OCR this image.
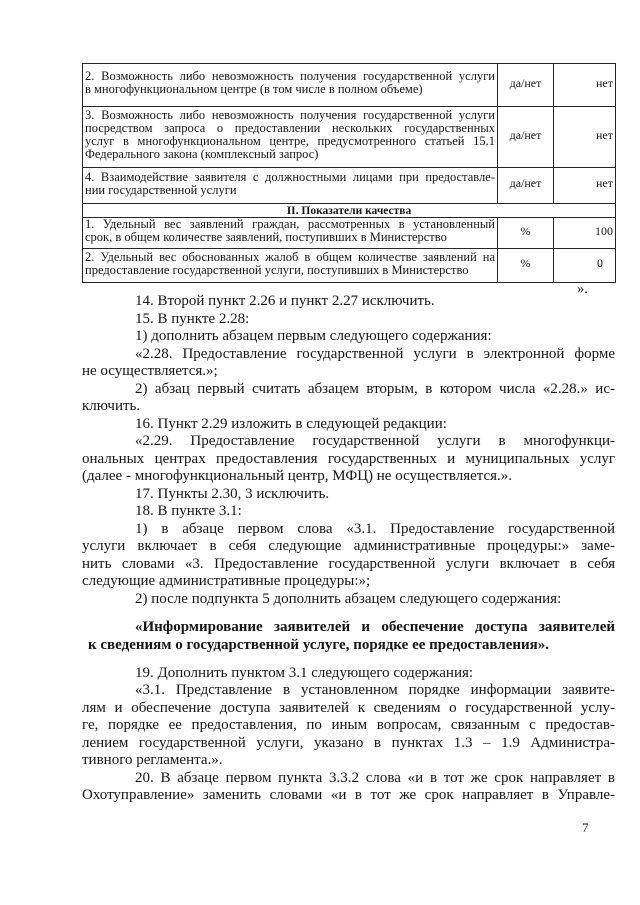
2. Возможность либо невозможность получения государственной услуги
в многофункциональном центре (в том числе в полном объеме)	да/нет	нет

3. Возможность либо невозможность получения государственной услуги
посредством запроса о предоставлении нескольких государственных
услуг в многофункциональном центре, предусмотренного статьей 15.1
Федерального закона (комплексный запрос)	да/нет	нет

4. Взаимодействие заявителя с должностными лицами при предоставле-
нии государственной услуги	да/нет	нет
II. Показатели качества		

1. Удельный вес заявлений граждан, рассмотренных в установленный
срок, в общем количестве заявлений, поступивших в Министерство	%	100

2. Удельный вес обоснованных жалоб в общем количестве заявлений на
предоставление государственной услуги, поступивших в Министерство	%	0
».
14. Второй пункт 2.26 и пункт 2.27 исключить.
15. В пункте 2.28:
1) дополнить абзацем первым следующего содержания:
«2.28. Предоставление государственной услуги в электронной форме
не осуществляется.»;
2) абзац первый считать абзацем вторым, в котором числа «2.28.» ис-
ключить.
16. Пункт 2.29 изложить в следующей редакции:
«2.29. Предоставление государственной услуги в многофункци-
ональных центрах предоставления государственных и муниципальных услуг
(далее - многофункциональный центр, МФЦ) не осуществляется.».
17. Пункты 2.30, 3 исключить.
18. В пункте 3.1:
1) в абзаце первом слова «3.1. Предоставление государственной
услуги включает в себя следующие административные процедуры:» заме-
нить словами «3. Предоставление государственной услуги включает в себя
следующие административные процедуры:»;
2) после подпункта 5 дополнить абзацем следующего содержания:
«Информирование заявителей и обеспечение доступа заявителей
к сведениям о государственной услуге, порядке ее предоставления».
19. Дополнить пунктом 3.1 следующего содержания:
«3.1. Представление в установленном порядке информации заявите-
лям и обеспечение доступа заявителей к сведениям о государственной услу-
ге, порядке ее предоставления, по иным вопросам, связанным с предостав-
лением государственной услуги, указано в пунктах 1.3 – 1.9 Администра-
тивного регламента.».
20. В абзаце первом пункта 3.3.2 слова «и в тот же срок направляет в
Охотуправление» заменить словами «и в тот же срок направляет в Управле-
7
